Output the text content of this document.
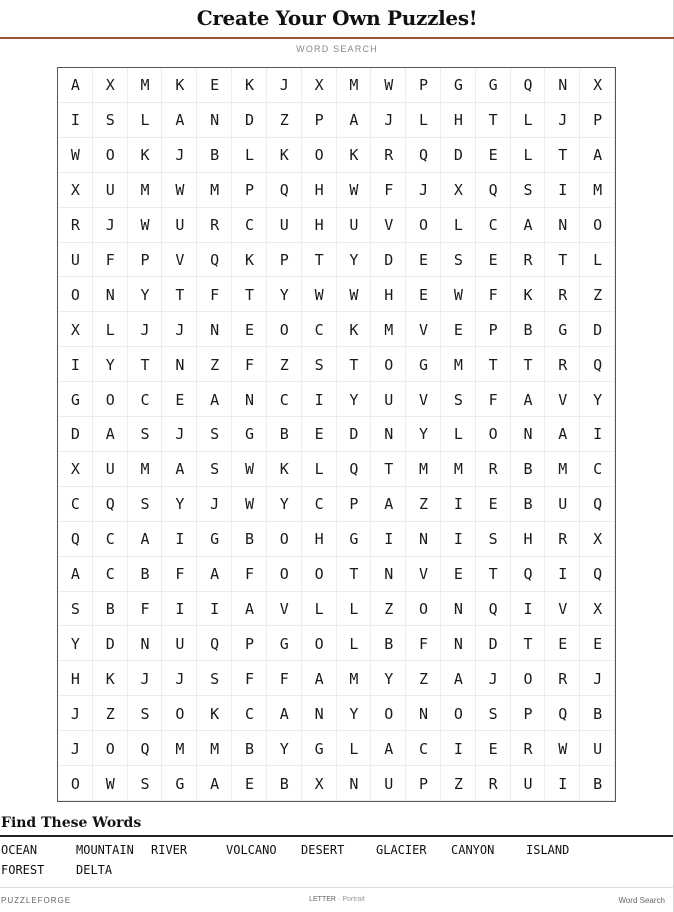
Create Your Own Puzzles!
WORD SEARCH
A	X	M	K	E	K	J	X	M	W	P	G	G	Q	N	X
I	S	L	A	N	D	Z	P	A	J	L	H	T	L	J	P
W	O	K	J	B	L	K	O	K	R	Q	D	E	L	T	A
X	U	M	W	M	P	Q	H	W	F	J	X	Q	S	I	M
R	J	W	U	R	C	U	H	U	V	O	L	C	A	N	O
U	F	P	V	Q	K	P	T	Y	D	E	S	E	R	T	L
O	N	Y	T	F	T	Y	W	W	H	E	W	F	K	R	Z
X	L	J	J	N	E	O	C	K	M	V	E	P	B	G	D
I	Y	T	N	Z	F	Z	S	T	O	G	M	T	T	R	Q
G	O	C	E	A	N	C	I	Y	U	V	S	F	A	V	Y
D	A	S	J	S	G	B	E	D	N	Y	L	O	N	A	I
X	U	M	A	S	W	K	L	Q	T	M	M	R	B	M	C
C	Q	S	Y	J	W	Y	C	P	A	Z	I	E	B	U	Q
Q	C	A	I	G	B	O	H	G	I	N	I	S	H	R	X
A	C	B	F	A	F	O	O	T	N	V	E	T	Q	I	Q
S	B	F	I	I	A	V	L	L	Z	O	N	Q	I	V	X
Y	D	N	U	Q	P	G	O	L	B	F	N	D	T	E	E
H	K	J	J	S	F	F	A	M	Y	Z	A	J	O	R	J
J	Z	S	O	K	C	A	N	Y	O	N	O	S	P	Q	B
J	O	Q	M	M	B	Y	G	L	A	C	I	E	R	W	U
O	W	S	G	A	E	B	X	N	U	P	Z	R	U	I	B
Find These Words
OCEAN	MOUNTAIN	RIVER	VOLCANO	DESERT	GLACIER	CANYON	ISLAND
FOREST	DELTA
PUZZLEFORGE	LETTER · Portrait	Word Search
